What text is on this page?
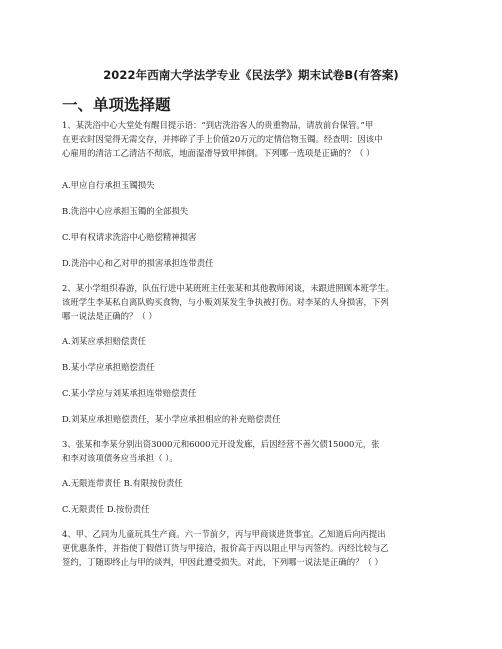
2022年西南大学法学专业《民法学》期末试卷B(有答案)
一、单项选择题
1、某洗浴中心大堂处有醒目提示语：“到店洗浴客人的贵重物品，请放前台保管。”甲
在更衣时因觉得无需交存，并摔碎了手上价值20万元的定情信物玉镯。经查明：因该中
心雇用的清洁工乙清洁不彻底，地面湿滑导致甲摔倒。下列哪一选项是正确的？（ ）
A.甲应自行承担玉镯损失
B.洗浴中心应承担玉镯的全部损失
C.甲有权请求洗浴中心赔偿精神损害
D.洗浴中心和乙对甲的损害承担连带责任
2、某小学组织春游，队伍行进中某班班主任张某和其他教师闲谈，未跟进照顾本班学生。
该班学生李某私自离队购买食物，与小贩刘某发生争执被打伤。对李某的人身损害，下列
哪一说法是正确的？（ ）
A.刘某应承担赔偿责任
B.某小学应承担赔偿责任
C.某小学应与刘某承担连带赔偿责任
D.刘某应承担赔偿责任，某小学应承担相应的补充赔偿责任
3、张某和李某分别出资3000元和6000元开设发廊，后因经营不善欠债15000元，张
和李对该项债务应当承担（ ）。
A.无限连带责任 B.有限按份责任
C.无限责任 D.按份责任
4、甲、乙同为儿童玩具生产商。六一节前夕，丙与甲商谈进货事宜。乙知道后向丙提出
更优惠条件，并指使丁假借订货与甲接洽，报价高于丙以阻止甲与丙签约。丙经比较与乙
签约，丁随即终止与甲的谈判，甲因此遭受损失。对此，下列哪一说法是正确的？（ ）
